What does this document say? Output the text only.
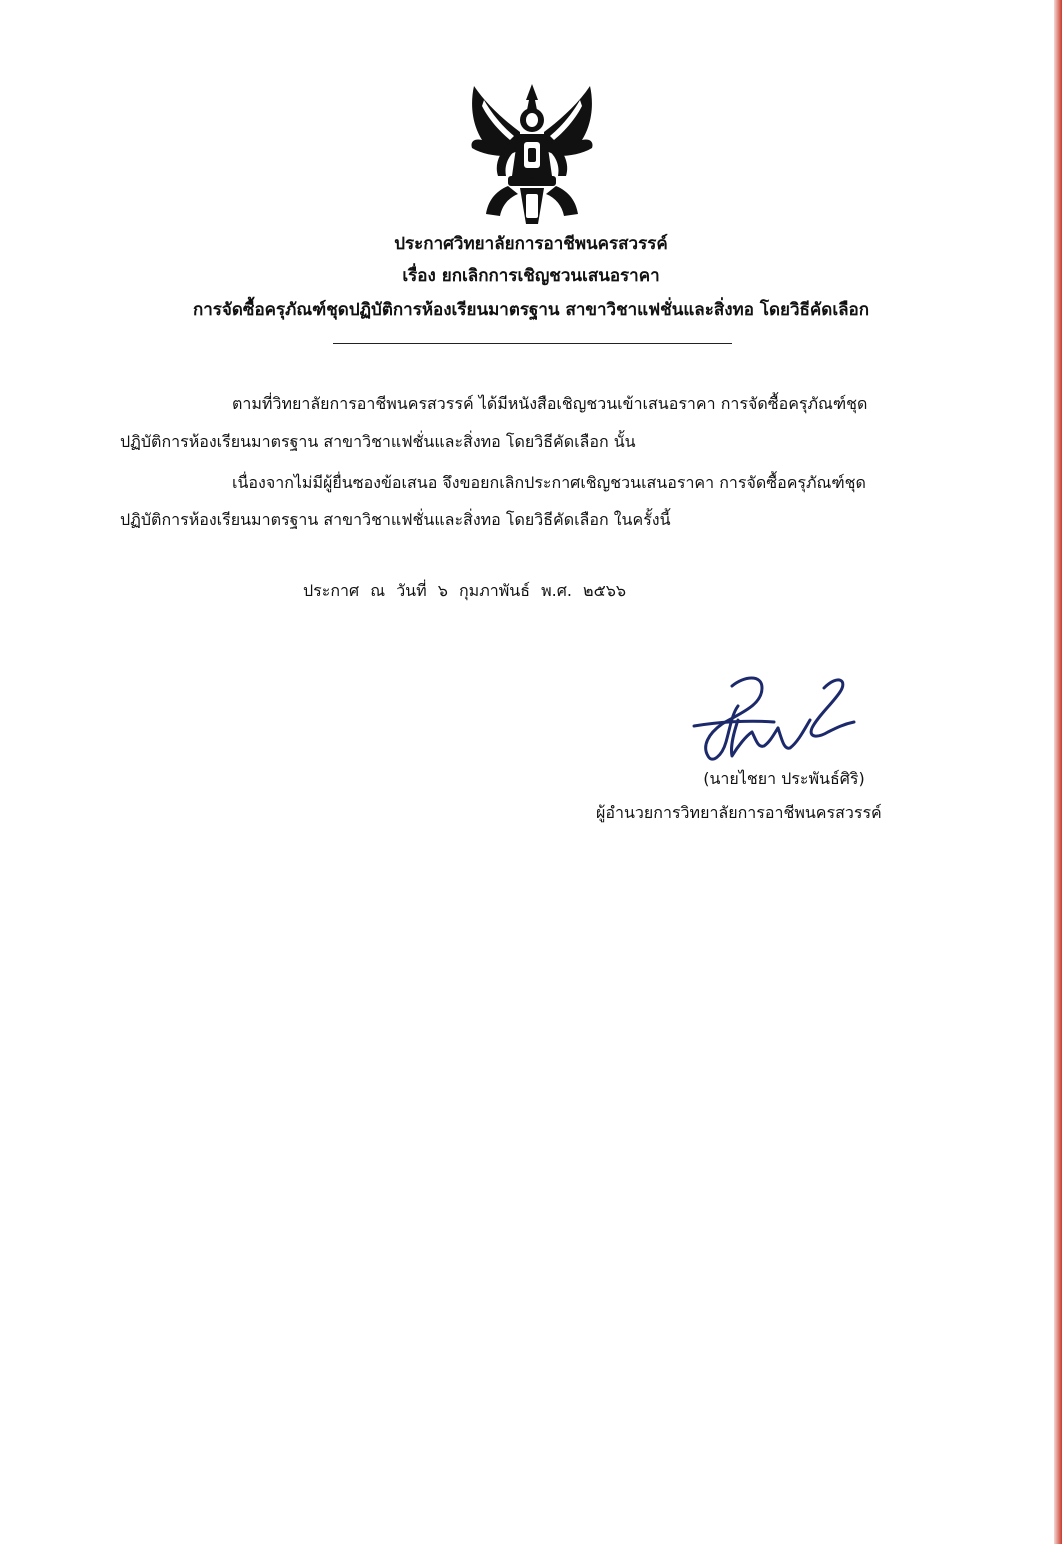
ประกาศวิทยาลัยการอาชีพนครสวรรค์
เรื่อง ยกเลิกการเชิญชวนเสนอราคา
การจัดซื้อครุภัณฑ์ชุดปฏิบัติการห้องเรียนมาตรฐาน สาขาวิชาแฟชั่นและสิ่งทอ โดยวิธีคัดเลือก
ตามที่วิทยาลัยการอาชีพนครสวรรค์ ได้มีหนังสือเชิญชวนเข้าเสนอราคา การจัดซื้อครุภัณฑ์ชุด
ปฏิบัติการห้องเรียนมาตรฐาน สาขาวิชาแฟชั่นและสิ่งทอ โดยวิธีคัดเลือก นั้น
เนื่องจากไม่มีผู้ยื่นซองข้อเสนอ จึงขอยกเลิกประกาศเชิญชวนเสนอราคา การจัดซื้อครุภัณฑ์ชุด
ปฏิบัติการห้องเรียนมาตรฐาน สาขาวิชาแฟชั่นและสิ่งทอ โดยวิธีคัดเลือก ในครั้งนี้
ประกาศ ณ วันที่ ๖ กุมภาพันธ์ พ.ศ. ๒๕๖๖
(นายไชยา ประพันธ์ศิริ)
ผู้อำนวยการวิทยาลัยการอาชีพนครสวรรค์
